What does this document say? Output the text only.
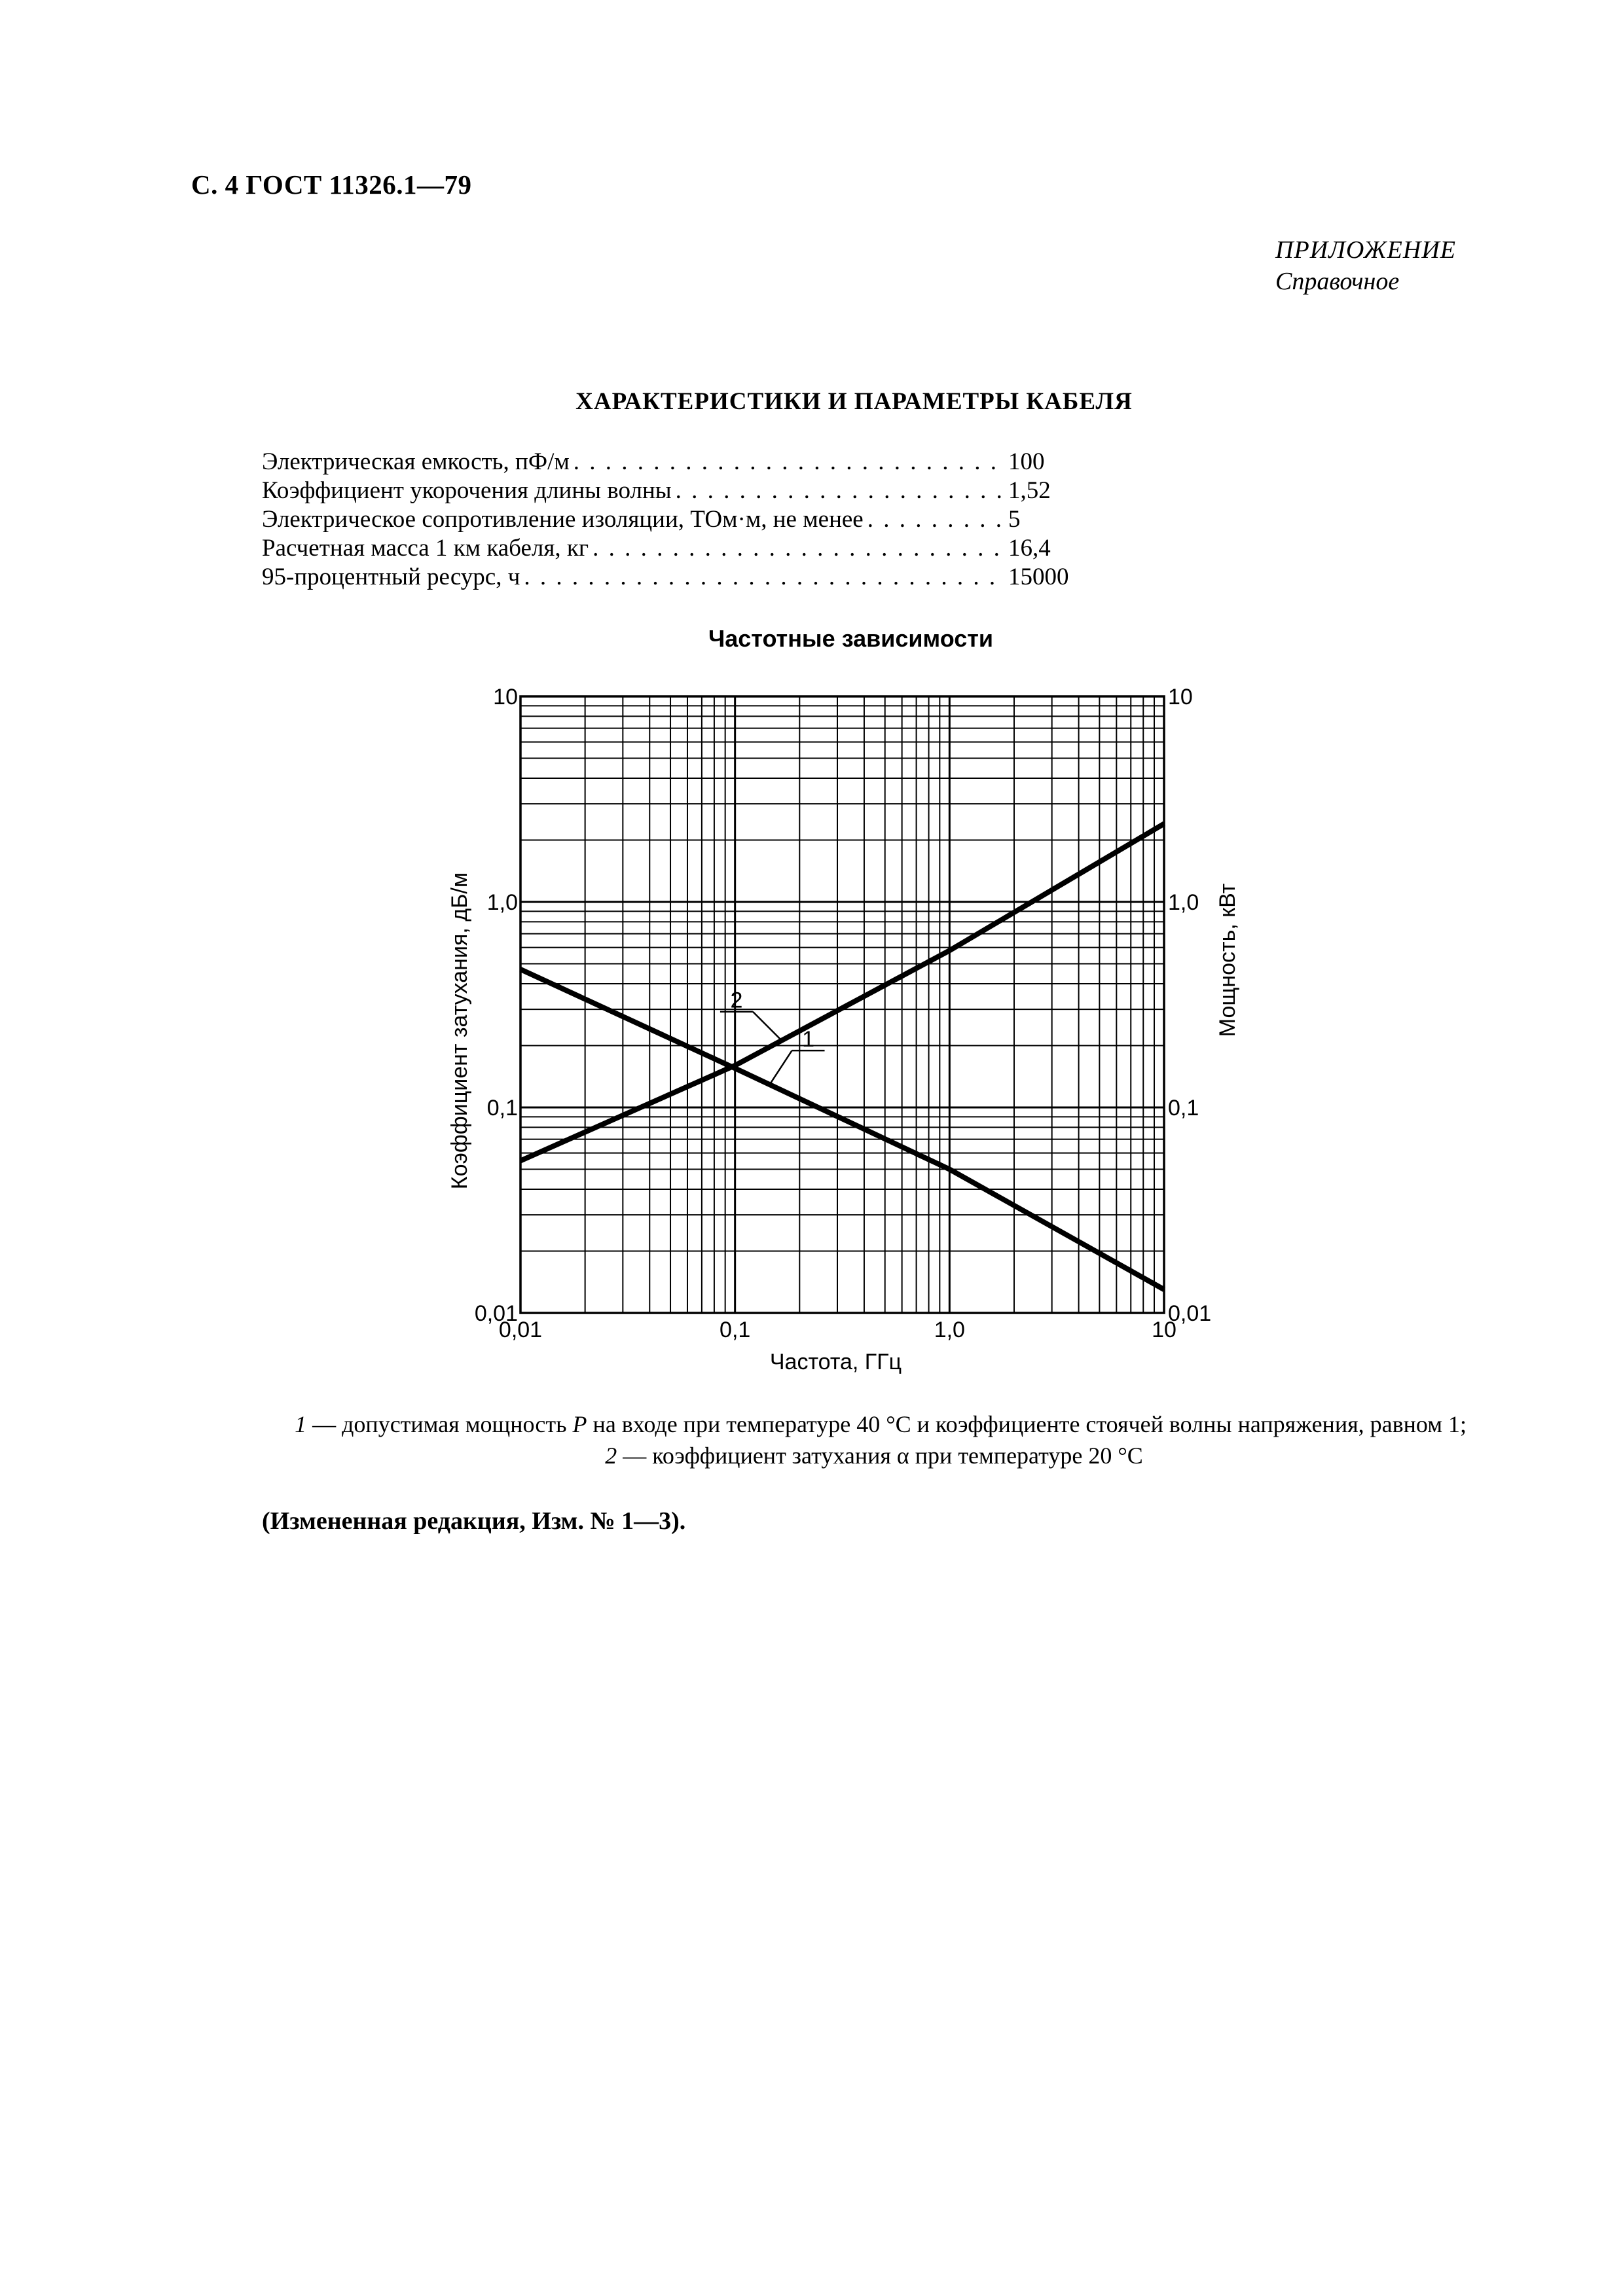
С. 4 ГОСТ 11326.1—79
ПРИЛОЖЕНИЕ
Справочное
ХАРАКТЕРИСТИКИ И ПАРАМЕТРЫ КАБЕЛЯ
Электрическая емкость, пФ/м . . .	100
Коэффициент укорочения длины волны . . .	1,52
Электрическое сопротивление изоляции, ТОм·м, не менее . . .	5
Расчетная масса 1 км кабеля, кг . . .	16,4
95-процентный ресурс, ч . . .	15000
Частотные зависимости
0,01	0,1	1,0	10
0,01
0,1
1,0
10
0,01
0,1
1,0
10
Частота, ГГц
Коэффициент затухания, дБ/м	Мощность, кВт
2
1
1 — допустимая мощность P на входе при температуре 40 °С и коэффициенте стоячей волны напряжения, равном 1;
2 — коэффициент затухания α при температуре 20 °С
(Измененная редакция, Изм. № 1—3).
